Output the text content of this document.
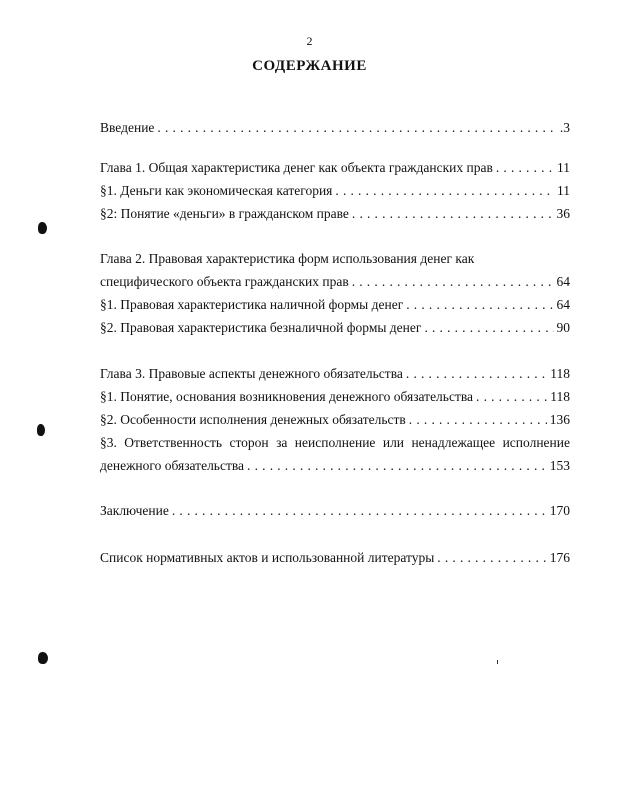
2
СОДЕРЖАНИЕ
Введение . . .	.3
Глава 1. Общая характеристика денег как объекта гражданских прав . . .	11
§1. Деньги как экономическая категория . . .	11
§2: Понятие «деньги» в гражданском праве . . .	36
Глава 2. Правовая характеристика форм использования денег как
специфического объекта гражданских прав . . .	64
§1. Правовая характеристика наличной формы денег . . .	64
§2. Правовая характеристика безналичной формы денег . . .	90
Глава 3. Правовые аспекты денежного обязательства . . .	118
§1. Понятие, основания возникновения денежного обязательства . . .	118
§2. Особенности исполнения денежных обязательств . . .	136
§3. Ответственность сторон за неисполнение или ненадлежащее исполнение
денежного обязательства . . .	153
Заключение . . .	170
Список нормативных актов и использованной литературы . . .	176
